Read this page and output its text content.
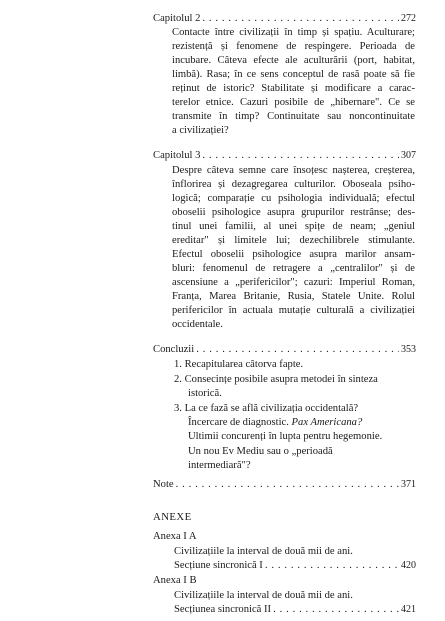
Capitolul 2 . . .	272
Contacte între civilizații în timp și spațiu. Aculturare;
rezistență și fenomene de respingere. Perioada de
incubare. Câteva efecte ale aculturării (port, habitat,
limbă). Rasa; în ce sens conceptul de rasă poate să fie
reținut de istoric? Stabilitate și modificare a carac-
terelor etnice. Cazuri posibile de „hibernare". Ce se
transmite în timp? Continuitate sau noncontinuitate
a civilizației?
Capitolul 3 . . .	307
Despre câteva semne care însoțesc nașterea, creșterea,
înflorirea și dezagregarea culturilor. Oboseala psiho-
logică; comparație cu psihologia individuală; efectul
oboselii psihologice asupra grupurilor restrânse; des-
tinul unei familii, al unei spițe de neam; „geniul
ereditar" și limitele lui; dezechilibrele stimulante.
Efectul oboselii psihologice asupra marilor ansam-
bluri: fenomenul de retragere a „centralilor" și de
ascensiune a „perifericilor"; cazuri: Imperiul Roman,
Franța, Marea Britanie, Rusia, Statele Unite. Rolul
perifericilor în actuala mutație culturală a civilizației
occidentale.
Concluzii . . .	353
1. Recapitularea câtorva fapte.
2. Consecințe posibile asupra metodei în sinteza
istorică.
3. La ce fază se află civilizația occidentală?
Încercare de diagnostic. Pax Americana?
Ultimii concurenți în lupta pentru hegemonie.
Un nou Ev Mediu sau o „perioadă
intermediară"?
Note . . .	371
ANEXE
Anexa I A
Civilizațiile la interval de două mii de ani.
Secțiune sincronică I . . .	420
Anexa I B
Civilizațiile la interval de două mii de ani.
Secțiunea sincronică II . . .	421
